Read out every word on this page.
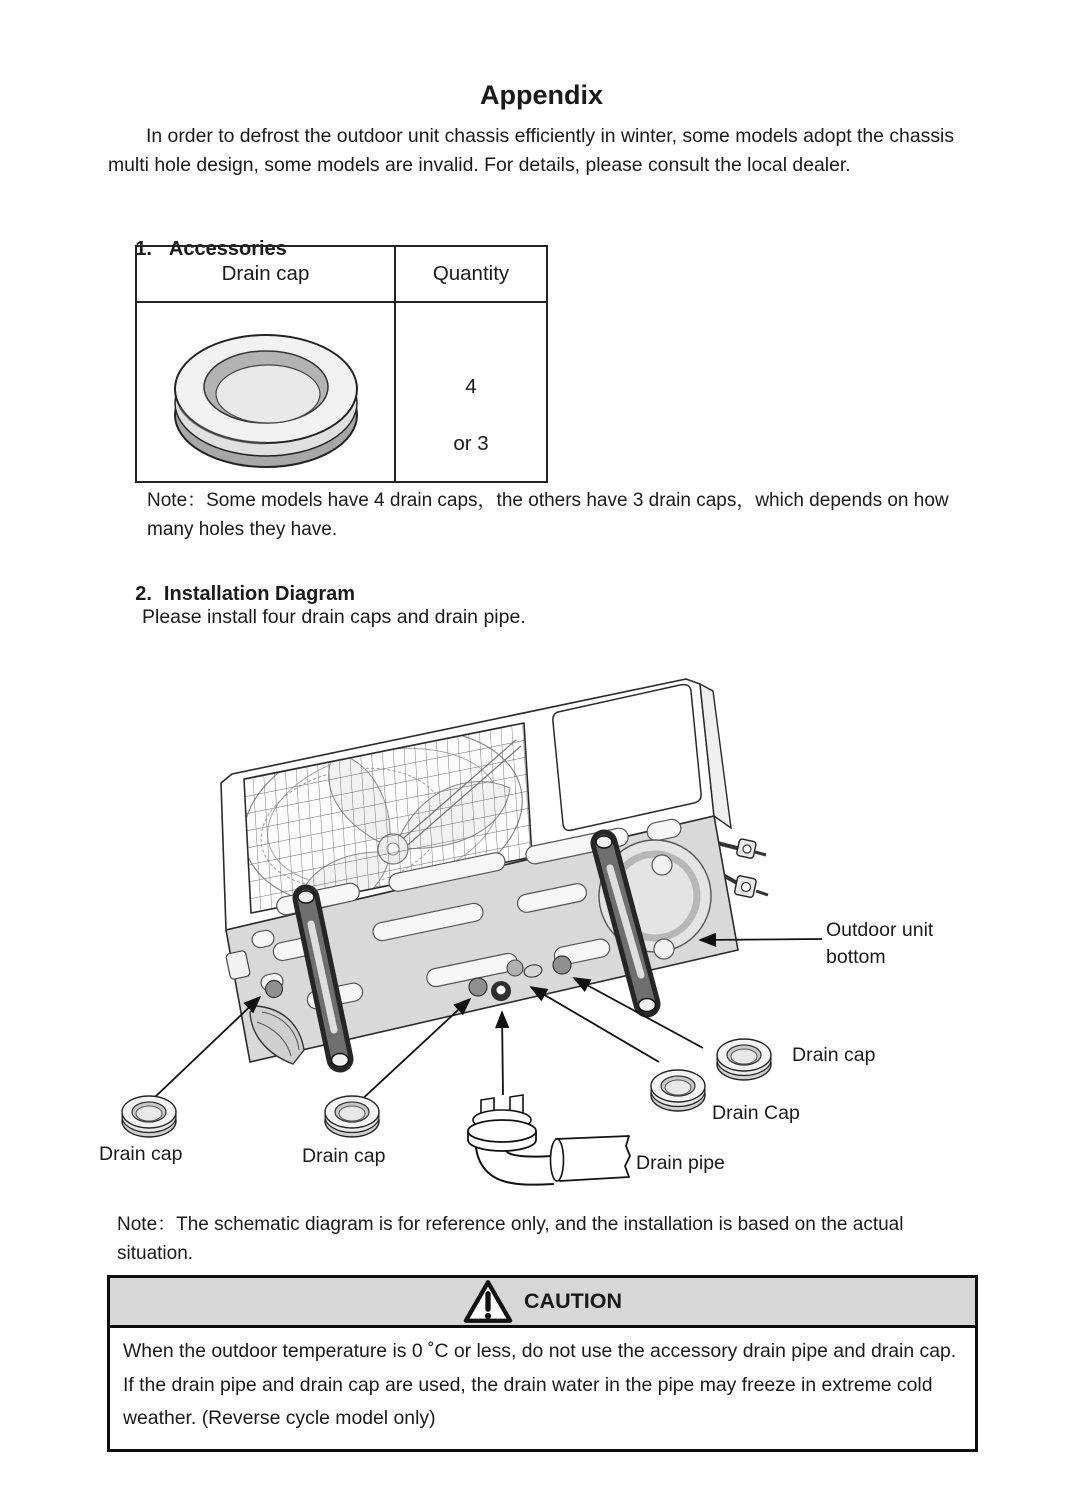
Appendix
In order to defrost the outdoor unit chassis efficiently in winter, some models adopt the chassis multi hole design, some models are invalid. For details, please consult the local dealer.

1. Accessories

Drain cap	Quantity
4
or 3
Note：Some models have 4 drain caps，the others have 3 drain caps，which depends on how many holes they have.

2. Installation Diagram

Please install four drain caps and drain pipe.
Outdoor unit bottom
Drain cap
Drain Cap
Drain pipe
Drain cap	Drain cap
Note：The schematic diagram is for reference only, and the installation is based on the actual situation.
CAUTION
When the outdoor temperature is 0 ˚C or less, do not use the accessory drain pipe and drain cap. If the drain pipe and drain cap are used, the drain water in the pipe may freeze in extreme cold weather. (Reverse cycle model only)
